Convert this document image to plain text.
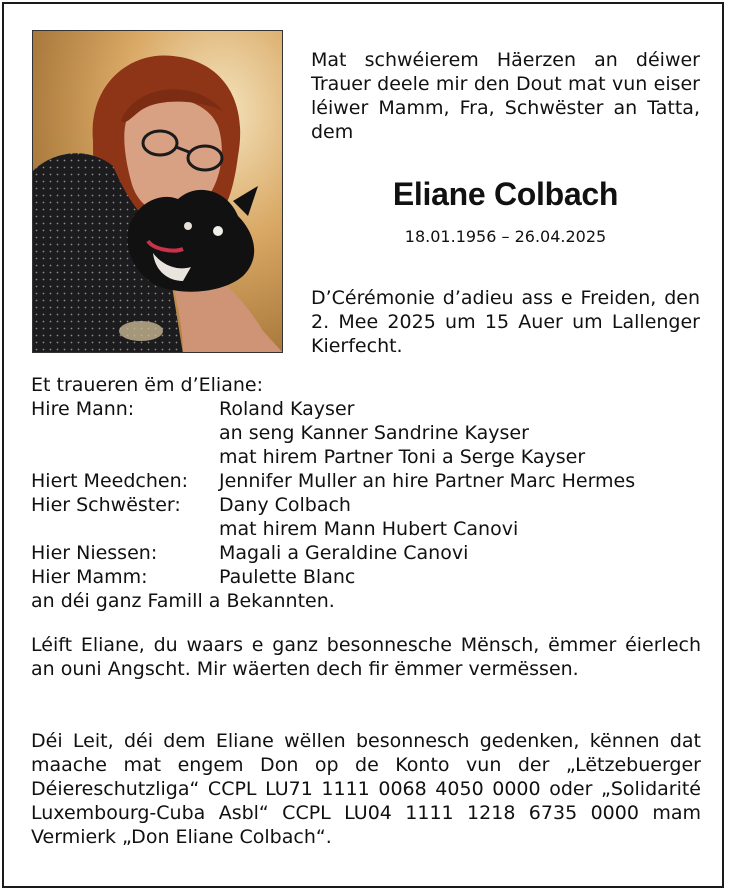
Mat schwéierem Häerzen an déiwer Trauer deele mir den Dout mat vun eiser léiwer Mamm, Fra, Schwëster an Tatta, dem
Eliane Colbach
18.01.1956 – 26.04.2025
D’Cérémonie d’adieu ass e Freiden, den 2. Mee 2025 um 15 Auer um Lallenger Kierfecht.
Et traueren ëm d’Eliane:
Hire Mann:	Roland Kayser
an seng Kanner Sandrine Kayser
mat hirem Partner Toni a Serge Kayser
Hiert Meedchen:	Jennifer Muller an hire Partner Marc Hermes
Hier Schwëster:	Dany Colbach
mat hirem Mann Hubert Canovi
Hier Niessen:	Magali a Geraldine Canovi
Hier Mamm:	Paulette Blanc
an déi ganz Famill a Bekannten.
Léift Eliane, du waars e ganz besonnesche Mënsch, ëmmer éierlech an ouni Angscht. Mir wäerten dech fir ëmmer vermëssen.
Déi Leit, déi dem Eliane wëllen besonnesch gedenken, kënnen dat maache mat engem Don op de Konto vun der „Lëtzebuerger Déiereschutzliga“ CCPL LU71 1111 0068 4050 0000 oder „Solidarité Luxembourg-Cuba Asbl“ CCPL LU04 1111 1218 6735 0000 mam Vermierk „Don Eliane Colbach“.
